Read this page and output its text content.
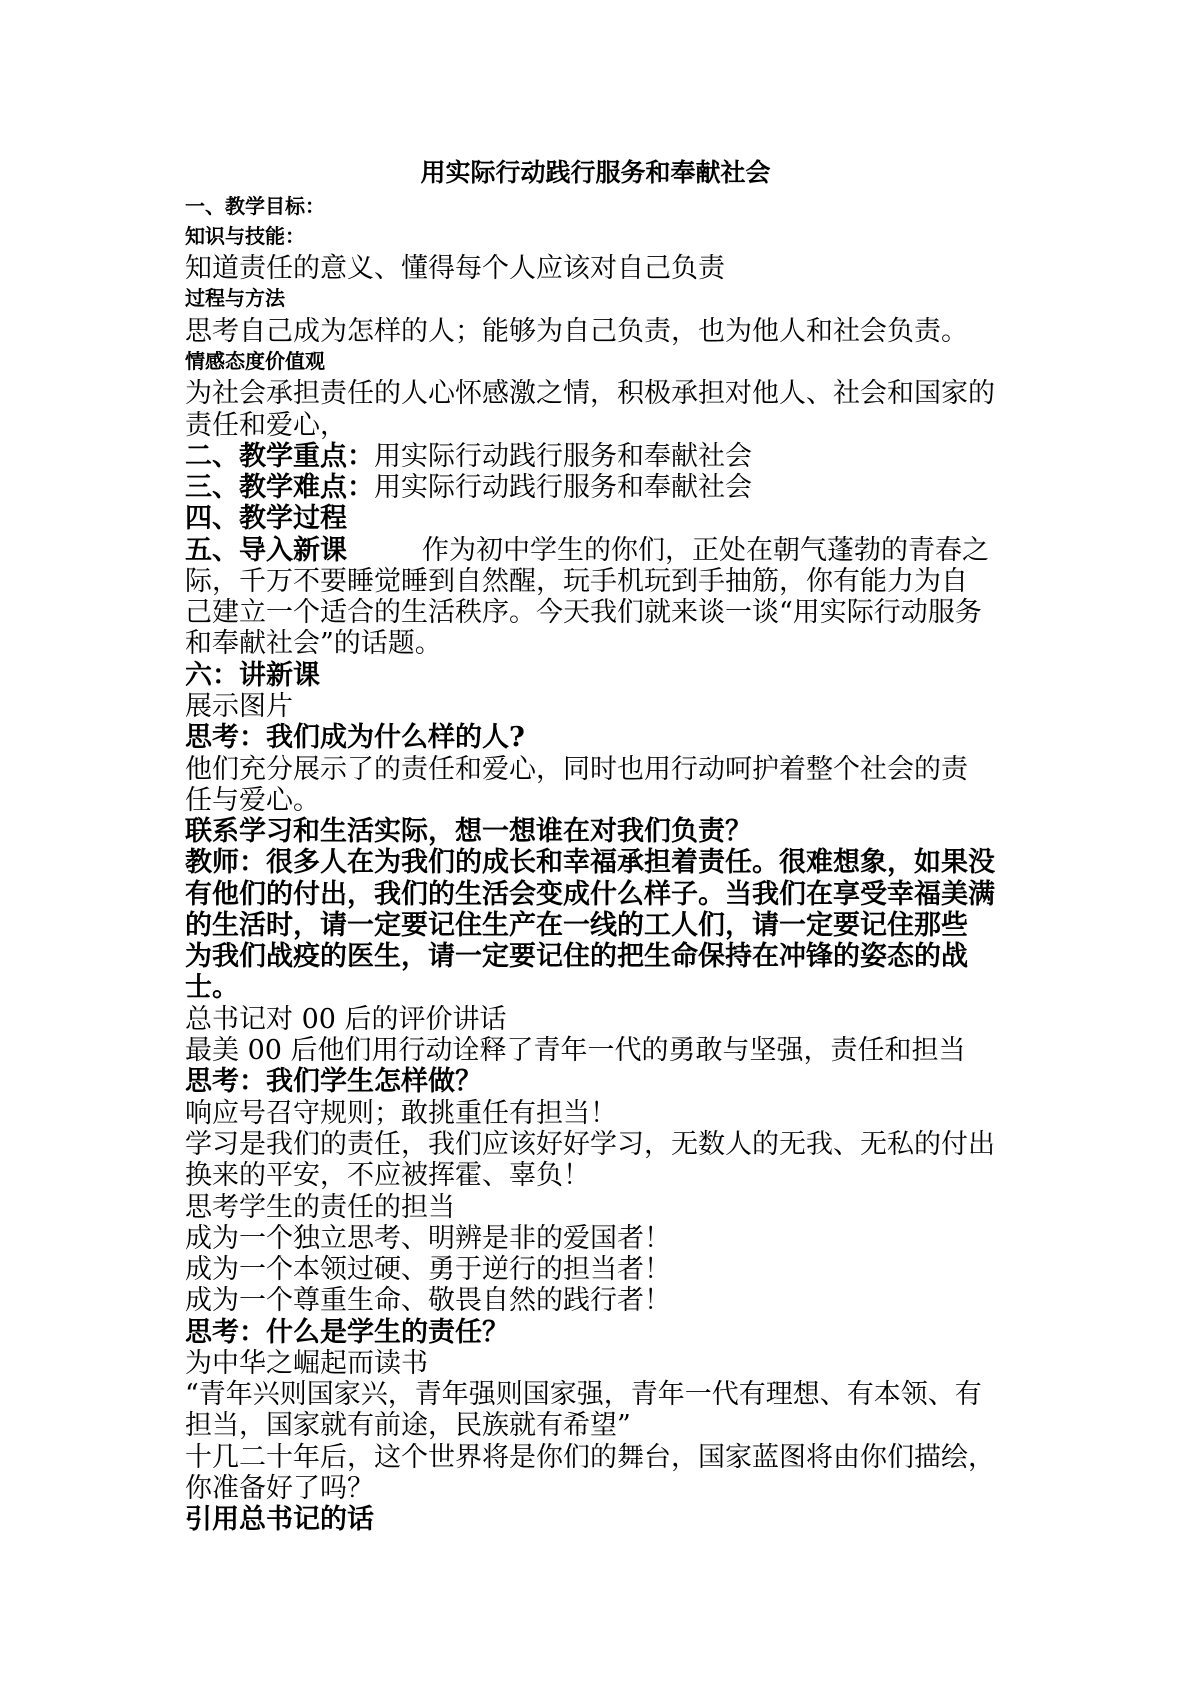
用实际行动践行服务和奉献社会
一、教学目标：
知识与技能：
知道责任的意义、懂得每个人应该对自己负责
过程与方法
思考自己成为怎样的人；能够为自己负责，也为他人和社会负责。
情感态度价值观
为社会承担责任的人心怀感激之情，积极承担对他人、社会和国家的
责任和爱心，
二、教学重点：用实际行动践行服务和奉献社会
三、教学难点：用实际行动践行服务和奉献社会
四、教学过程
五、导入新课	作为初中学生的你们，正处在朝气蓬勃的青春之
际，千万不要睡觉睡到自然醒，玩手机玩到手抽筋，你有能力为自
己建立一个适合的生活秩序。今天我们就来谈一谈“用实际行动服务
和奉献社会”的话题。
六：讲新课
展示图片
思考：我们成为什么样的人?
他们充分展示了的责任和爱心，同时也用行动呵护着整个社会的责
任与爱心。
联系学习和生活实际，想一想谁在对我们负责？
教师：很多人在为我们的成长和幸福承担着责任。很难想象，如果没
有他们的付出，我们的生活会变成什么样子。当我们在享受幸福美满
的生活时，请一定要记住生产在一线的工人们，请一定要记住那些
为我们战疫的医生，请一定要记住的把生命保持在冲锋的姿态的战
士。
总书记对 00 后的评价讲话
最美 00 后他们用行动诠释了青年一代的勇敢与坚强，责任和担当
思考：我们学生怎样做？
响应号召守规则；敢挑重任有担当！
学习是我们的责任，我们应该好好学习，无数人的无我、无私的付出
换来的平安，不应被挥霍、辜负！
思考学生的责任的担当
成为一个独立思考、明辨是非的爱国者！
成为一个本领过硬、勇于逆行的担当者！
成为一个尊重生命、敬畏自然的践行者！
思考：什么是学生的责任？
为中华之崛起而读书
“青年兴则国家兴，青年强则国家强，青年一代有理想、有本领、有
担当，国家就有前途，民族就有希望”
十几二十年后，这个世界将是你们的舞台，国家蓝图将由你们描绘，
你准备好了吗？
引用总书记的话
